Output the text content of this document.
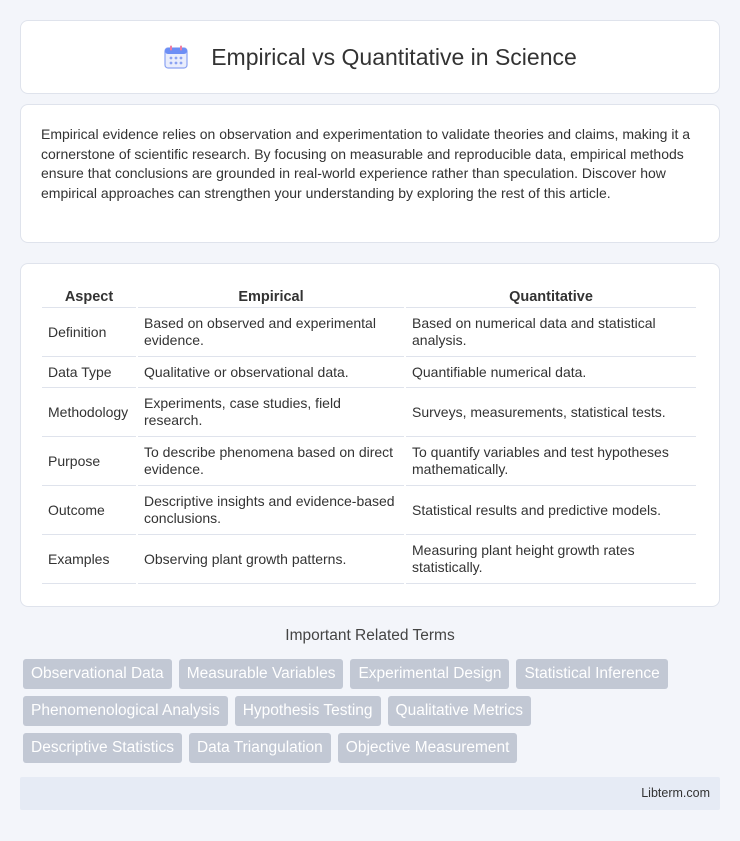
Empirical vs Quantitative in Science

Empirical evidence relies on observation and experimentation to validate theories and claims, making it a cornerstone of scientific research. By focusing on measurable and reproducible data, empirical methods ensure that conclusions are grounded in real-world experience rather than speculation. Discover how empirical approaches can strengthen your understanding by exploring the rest of this article.

Aspect	Empirical	Quantitative
Definition	Based on observed and experimental evidence.	Based on numerical data and statistical analysis.
Data Type	Qualitative or observational data.	Quantifiable numerical data.
Methodology	Experiments, case studies, field research.	Surveys, measurements, statistical tests.
Purpose	To describe phenomena based on direct evidence.	To quantify variables and test hypotheses mathematically.
Outcome	Descriptive insights and evidence-based conclusions.	Statistical results and predictive models.
Examples	Observing plant growth patterns.	Measuring plant height growth rates statistically.
Important Related Terms
Observational Data	Measurable Variables	Experimental Design	Statistical Inference
Phenomenological Analysis	Hypothesis Testing	Qualitative Metrics
Descriptive Statistics	Data Triangulation	Objective Measurement
Libterm.com
